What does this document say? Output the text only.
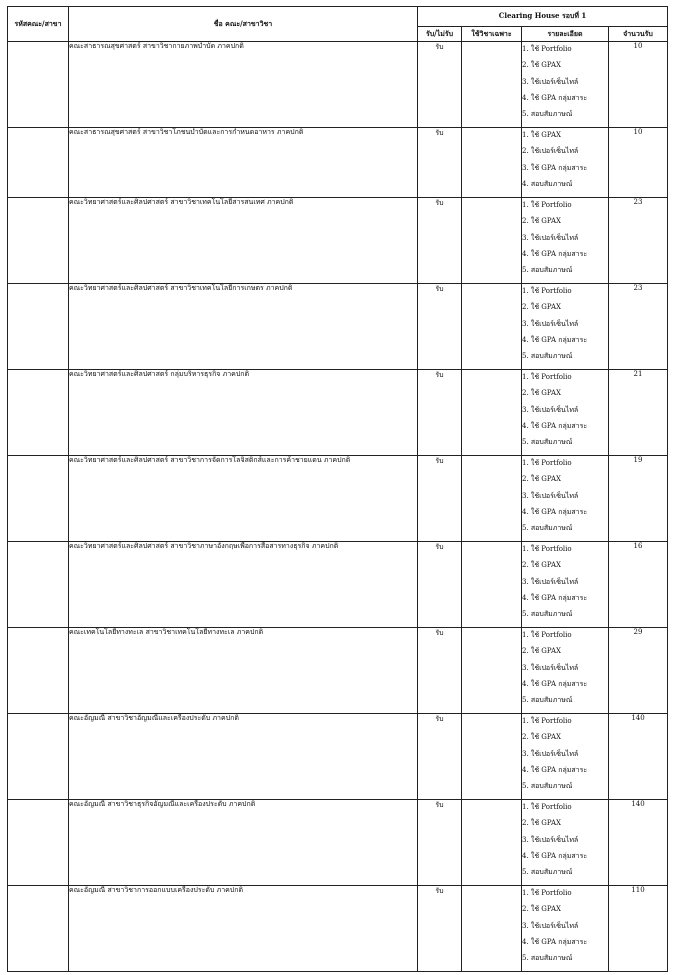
รหัสคณะ/สาขา	ชื่อ คณะ/สาขาวิชา	Clearing House รอบที่ 1			
		รับ/ไม่รับ	ใช้วิชาเฉพาะ	รายละเอียด	จำนวนรับ
	คณะสาธารณสุขศาสตร์ สาขาวิชากายภาพบำบัด ภาคปกติ	รับ		1. ใช้ Portfolio
2. ใช้ GPAX
3. ใช้เปอร์เซ็นไทล์
4. ใช้ GPA กลุ่มสาระ
5. สอบสัมภาษณ์	10
	คณะสาธารณสุขศาสตร์ สาขาวิชาโภชนบำบัดและการกำหนดอาหาร ภาคปกติ	รับ		1. ใช้ GPAX
2. ใช้เปอร์เซ็นไทล์
3. ใช้ GPA กลุ่มสาระ
4. สอบสัมภาษณ์	10
	คณะวิทยาศาสตร์และศิลปศาสตร์ สาขาวิชาเทคโนโลยีสารสนเทศ ภาคปกติ	รับ		1. ใช้ Portfolio
2. ใช้ GPAX
3. ใช้เปอร์เซ็นไทล์
4. ใช้ GPA กลุ่มสาระ
5. สอบสัมภาษณ์	23
	คณะวิทยาศาสตร์และศิลปศาสตร์ สาขาวิชาเทคโนโลยีการเกษตร ภาคปกติ	รับ		1. ใช้ Portfolio
2. ใช้ GPAX
3. ใช้เปอร์เซ็นไทล์
4. ใช้ GPA กลุ่มสาระ
5. สอบสัมภาษณ์	23
	คณะวิทยาศาสตร์และศิลปศาสตร์ กลุ่มบริหารธุรกิจ ภาคปกติ	รับ		1. ใช้ Portfolio
2. ใช้ GPAX
3. ใช้เปอร์เซ็นไทล์
4. ใช้ GPA กลุ่มสาระ
5. สอบสัมภาษณ์	21
	คณะวิทยาศาสตร์และศิลปศาสตร์ สาขาวิชาการจัดการโลจิสติกส์และการค้าชายแดน ภาคปกติ	รับ		1. ใช้ Portfolio
2. ใช้ GPAX
3. ใช้เปอร์เซ็นไทล์
4. ใช้ GPA กลุ่มสาระ
5. สอบสัมภาษณ์	19
	คณะวิทยาศาสตร์และศิลปศาสตร์ สาขาวิชาภาษาอังกฤษเพื่อการสื่อสารทางธุรกิจ ภาคปกติ	รับ		1. ใช้ Portfolio
2. ใช้ GPAX
3. ใช้เปอร์เซ็นไทล์
4. ใช้ GPA กลุ่มสาระ
5. สอบสัมภาษณ์	16
	คณะเทคโนโลยีทางทะเล สาขาวิชาเทคโนโลยีทางทะเล ภาคปกติ	รับ		1. ใช้ Portfolio
2. ใช้ GPAX
3. ใช้เปอร์เซ็นไทล์
4. ใช้ GPA กลุ่มสาระ
5. สอบสัมภาษณ์	29
	คณะอัญมณี สาขาวิชาอัญมณีและเครื่องประดับ ภาคปกติ	รับ		1. ใช้ Portfolio
2. ใช้ GPAX
3. ใช้เปอร์เซ็นไทล์
4. ใช้ GPA กลุ่มสาระ
5. สอบสัมภาษณ์	140
	คณะอัญมณี สาขาวิชาธุรกิจอัญมณีและเครื่องประดับ ภาคปกติ	รับ		1. ใช้ Portfolio
2. ใช้ GPAX
3. ใช้เปอร์เซ็นไทล์
4. ใช้ GPA กลุ่มสาระ
5. สอบสัมภาษณ์	140
	คณะอัญมณี สาขาวิชาการออกแบบเครื่องประดับ ภาคปกติ	รับ		1. ใช้ Portfolio
2. ใช้ GPAX
3. ใช้เปอร์เซ็นไทล์
4. ใช้ GPA กลุ่มสาระ
5. สอบสัมภาษณ์	110
